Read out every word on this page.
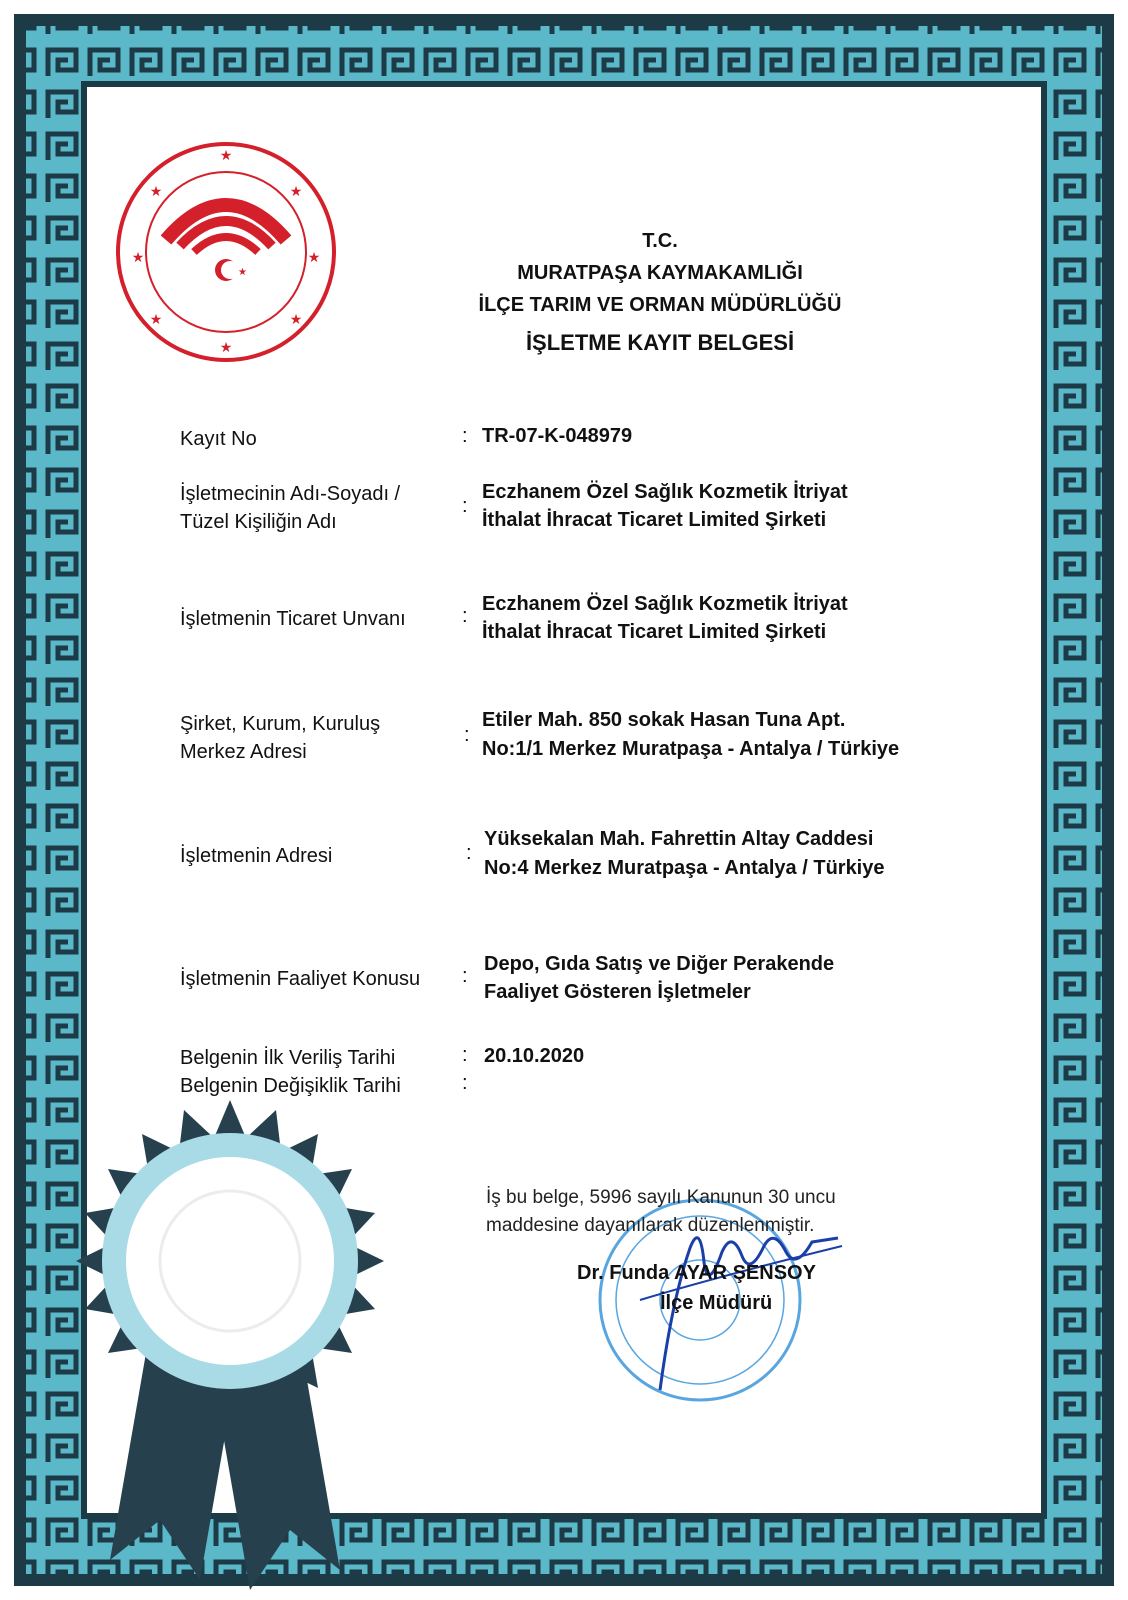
★
★
★
★	★
★	★
★
★
T.C.
MURATPAŞA KAYMAKAMLIĞI
İLÇE TARIM VE ORMAN MÜDÜRLÜĞÜ
İŞLETME KAYIT BELGESİ
Kayıt No	: TR-07-K-048979
İşletmecinin Adı-Soyadı /
Tüzel Kişiliğin Adı
:
Eczhanem Özel Sağlık Kozmetik İtriyat
İthalat İhracat Ticaret Limited Şirketi
İşletmenin Ticaret Unvanı	:
Eczhanem Özel Sağlık Kozmetik İtriyat
İthalat İhracat Ticaret Limited Şirketi
Şirket, Kurum, Kuruluş
Merkez Adresi
:
Etiler Mah. 850 sokak Hasan Tuna Apt.
No:1/1 Merkez Muratpaşa - Antalya / Türkiye
İşletmenin Adresi	:
Yüksekalan Mah. Fahrettin Altay Caddesi
No:4 Merkez Muratpaşa - Antalya / Türkiye
İşletmenin Faaliyet Konusu	:
Depo, Gıda Satış ve Diğer Perakende
Faaliyet Gösteren İşletmeler
Belgenin İlk Veriliş Tarihi	: 20.10.2020
Belgenin Değişiklik Tarihi	:
İş bu belge, 5996 sayılı Kanunun 30 uncu
maddesine dayanılarak düzenlenmiştir.
Dr. Funda AYAR ŞENSOY
İlçe Müdürü
